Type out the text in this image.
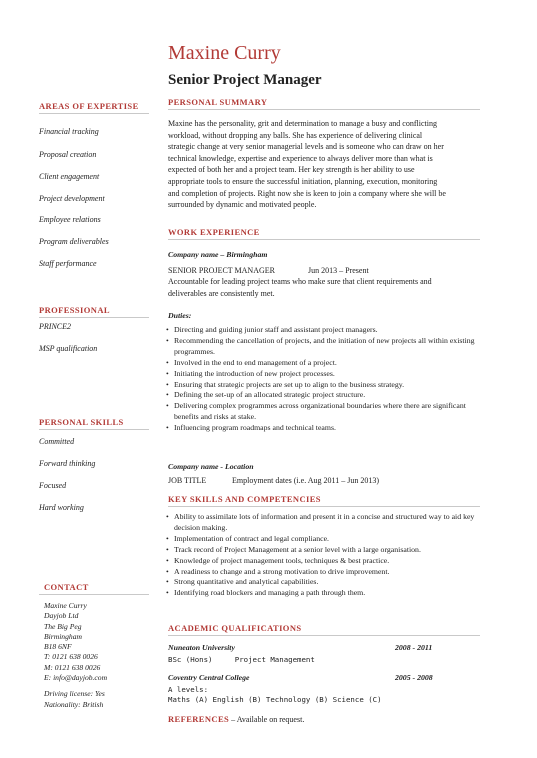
Maxine Curry
Senior Project Manager
AREAS OF EXPERTISE
Financial tracking
Proposal creation
Client engagement
Project development
Employee relations
Program deliverables
Staff performance
PROFESSIONAL
PRINCE2
MSP qualification
PERSONAL SKILLS
Committed
Forward thinking
Focused
Hard working
CONTACT
Maxine Curry
Dayjob Ltd
The Big Peg
Birmingham
B18 6NF
T: 0121 638 0026
M: 0121 638 0026
E: info@dayjob.com
Driving license: Yes
Nationality: British
PERSONAL SUMMARY
Maxine has the personality, grit and determination to manage a busy and conflicting
workload, without dropping any balls. She has experience of delivering clinical
strategic change at very senior managerial levels and is someone who can draw on her
technical knowledge, expertise and experience to always deliver more than what is
expected of both her and a project team. Her key strength is her ability to use
appropriate tools to ensure the successful initiation, planning, execution, monitoring
and completion of projects. Right now she is keen to join a company where she will be
surrounded by dynamic and motivated people.
WORK EXPERIENCE
Company name – Birmingham
SENIOR PROJECT MANAGER	Jun 2013 – Present
Accountable for leading project teams who make sure that client requirements and
deliverables are consistently met.
Duties:
• Directing and guiding junior staff and assistant project managers.
• Recommending the cancellation of projects, and the initiation of new projects all within existing programmes.
• Involved in the end to end management of a project.
• Initiating the introduction of new project processes.
• Ensuring that strategic projects are set up to align to the business strategy.
• Defining the set-up of an allocated strategic project structure.
• Delivering complex programmes across organizational boundaries where there are significant benefits and risks at stake.
• Influencing program roadmaps and technical teams.
Company name - Location
JOB TITLE	Employment dates (i.e. Aug 2011 – Jun 2013)
KEY SKILLS AND COMPETENCIES
• Ability to assimilate lots of information and present it in a concise and structured way to aid key decision making.
• Implementation of contract and legal compliance.
• Track record of Project Management at a senior level with a large organisation.
• Knowledge of project management tools, techniques & best practice.
• A readiness to change and a strong motivation to drive improvement.
• Strong quantitative and analytical capabilities.
• Identifying road blockers and managing a path through them.
ACADEMIC QUALIFICATIONS
Nuneaton University	2008 - 2011
BSc (Hons)     Project Management
Coventry Central College	2005 - 2008
A levels:
Maths (A) English (B) Technology (B) Science (C)
REFERENCES – Available on request.
